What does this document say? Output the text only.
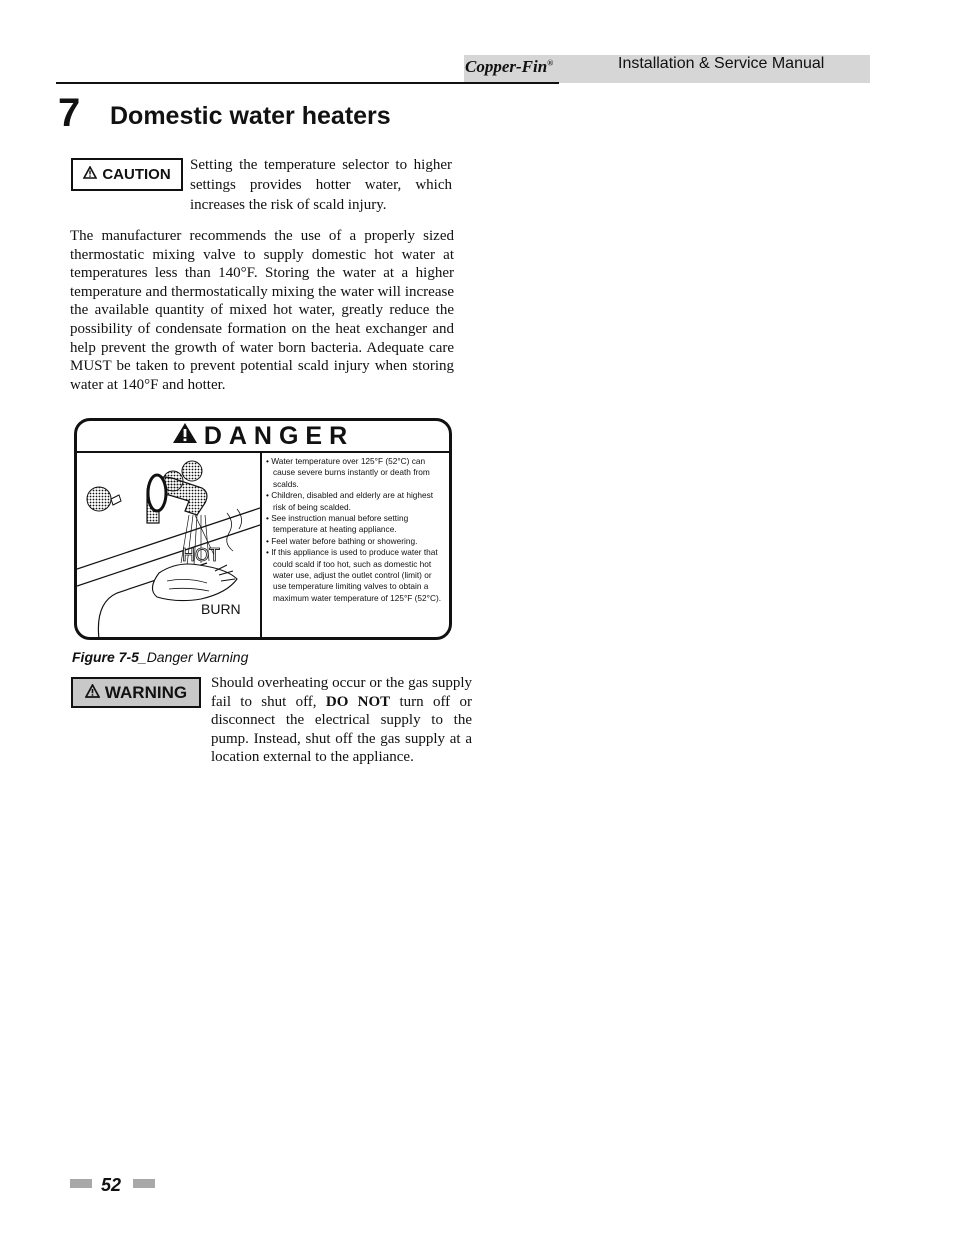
Copper-Fin®	Installation & Service Manual
7 Domestic water heaters
CAUTION
Setting the temperature selector to higher settings provides hotter water, which increases the risk of scald injury.
The manufacturer recommends the use of a properly sized thermostatic mixing valve to supply domestic hot water at temperatures less than 140°F. Storing the water at a higher temperature and thermostatically mixing the water will increase the available quantity of mixed hot water, greatly reduce the possibility of condensate formation on the heat exchanger and help prevent the growth of water born bacteria. Adequate care MUST be taken to prevent potential scald injury when storing water at 140°F and hotter.
DANGER
HOT
BURN
• Water temperature over 125°F (52°C) can cause severe burns instantly or death from scalds.
• Children, disabled and elderly are at highest risk of being scalded.
• See instruction manual before setting temperature at heating appliance.
• Feel water before bathing or showering.
• If this appliance is used to produce water that could scald if too hot, such as domestic hot water use, adjust the outlet control (limit) or use temperature limiting valves to obtain a maximum water temperature of 125°F (52°C).
Figure 7-5_Danger Warning
WARNING Should overheating occur or the gas supply fail to shut off, DO NOT turn off or disconnect the electrical supply to the pump. Instead, shut off the gas supply at a location external to the appliance.
52
